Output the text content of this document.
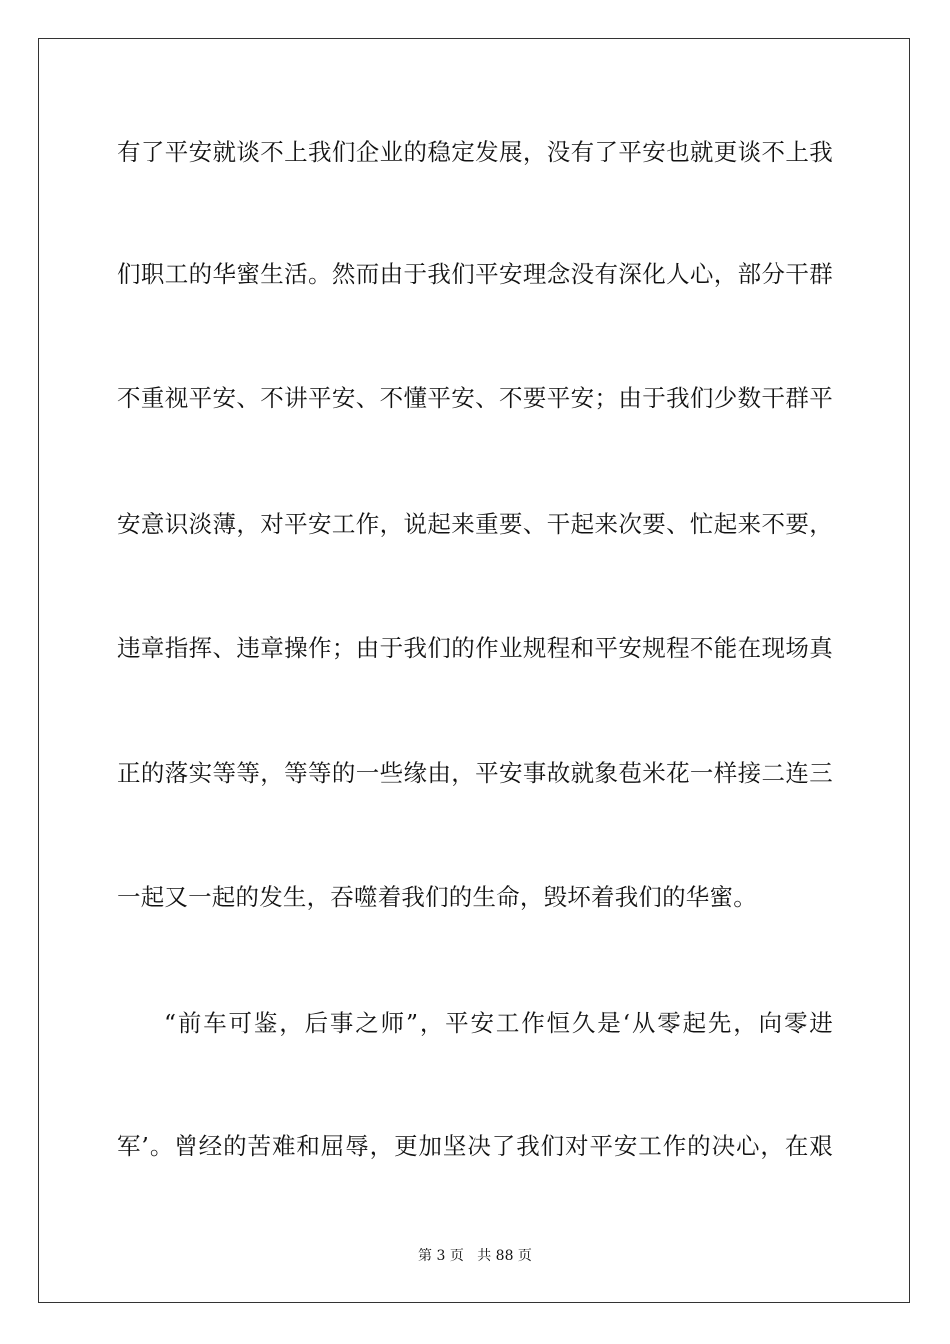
有了平安就谈不上我们企业的稳定发展，没有了平安也就更谈不上我
们职工的华蜜生活。然而由于我们平安理念没有深化人心，部分干群
不重视平安、不讲平安、不懂平安、不要平安；由于我们少数干群平
安意识淡薄，对平安工作，说起来重要、干起来次要、忙起来不要，
违章指挥、违章操作；由于我们的作业规程和平安规程不能在现场真
正的落实等等，等等的一些缘由，平安事故就象苞米花一样接二连三
一起又一起的发生，吞噬着我们的生命，毁坏着我们的华蜜。
“前车可鉴，后事之师”，平安工作恒久是‘从零起先，向零进
军’。曾经的苦难和屈辱，更加坚决了我们对平安工作的决心，在艰
第 3 页 共 88 页
